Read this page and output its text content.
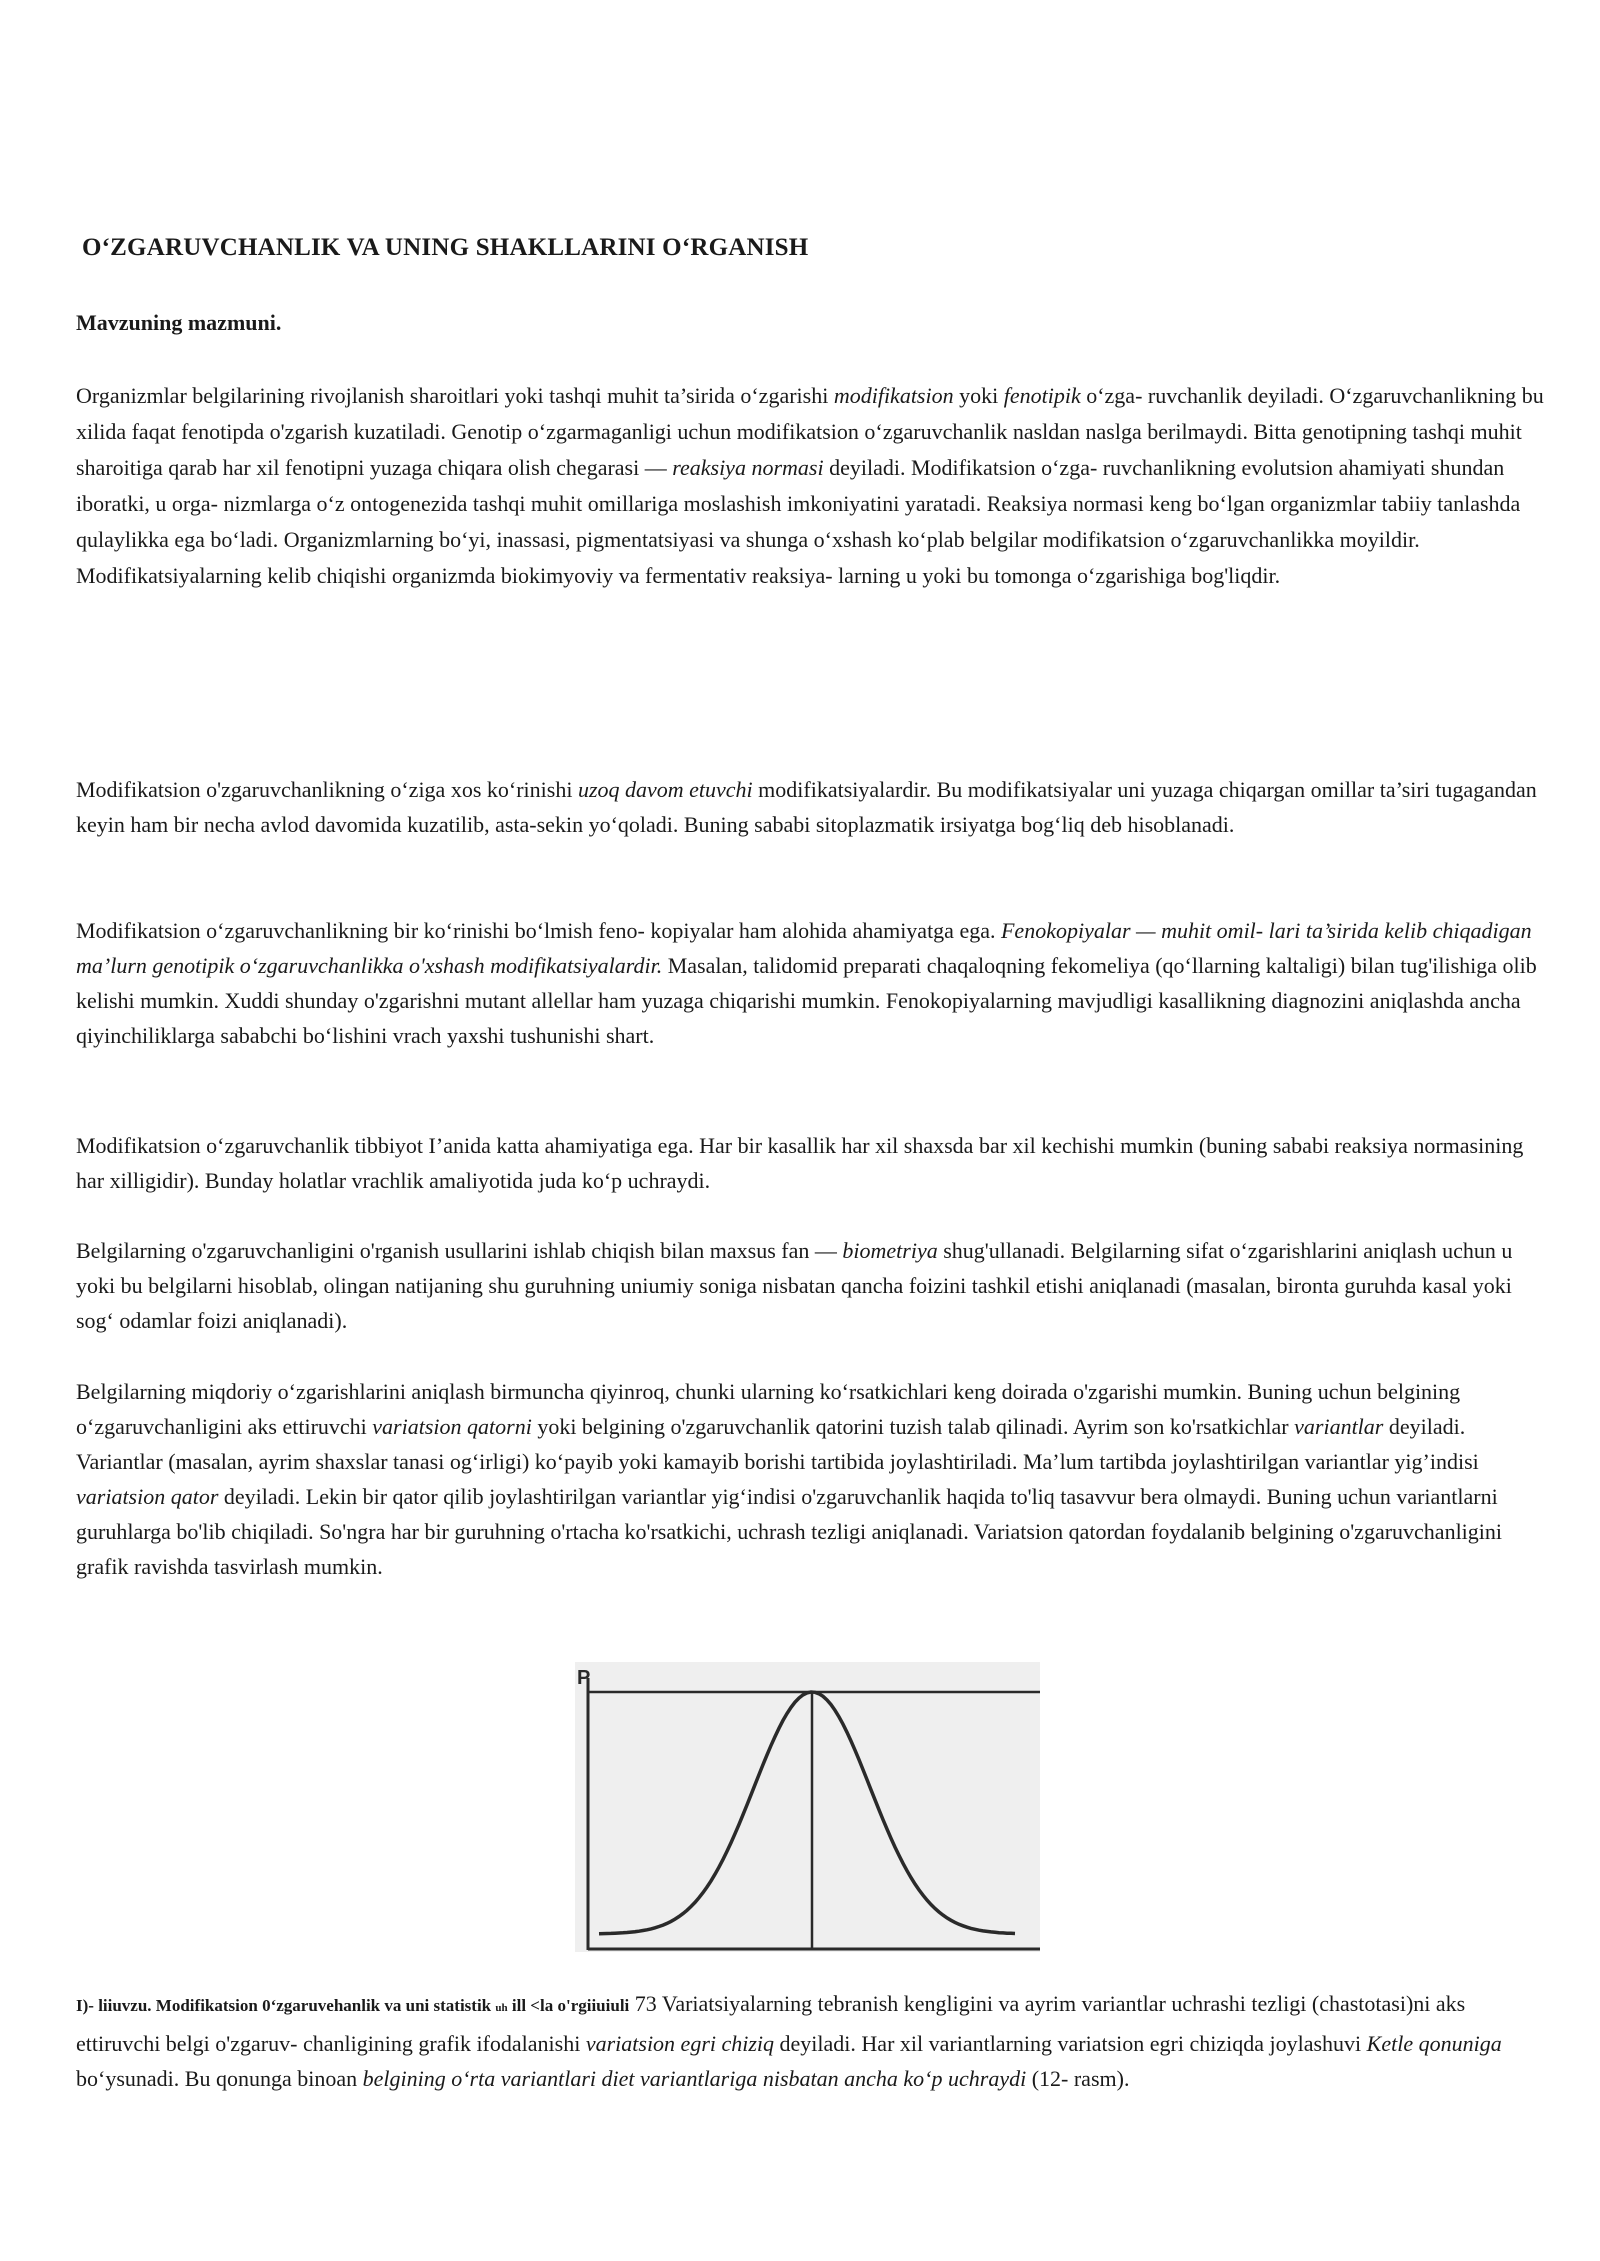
O‘ZGARUVCHANLIK VA UNING SHAKLLARINI O‘RGANISH
Mavzuning mazmuni.
Organizmlar belgilarining rivojlanish sharoitlari yoki tashqi muhit ta’sirida o‘zgarishi modifikatsion yoki fenotipik o‘zga- ruvchanlik deyiladi. O‘zgaruvchanlikning bu xilida faqat fenotipda o'zgarish kuzatiladi. Genotip o‘zgarmaganligi uchun modifikatsion o‘zgaruvchanlik nasldan naslga berilmaydi. Bitta genotipning tashqi muhit sharoitiga qarab har xil fenotipni yuzaga chiqara olish chegarasi — reaksiya normasi deyiladi. Modifikatsion o‘zga- ruvchanlikning evolutsion ahamiyati shundan iboratki, u orga- nizmlarga o‘z ontogenezida tashqi muhit omillariga moslashish imkoniyatini yaratadi. Reaksiya normasi keng bo‘lgan organizmlar tabiiy tanlashda qulaylikka ega bo‘ladi. Organizmlarning bo‘yi, inassasi, pigmentatsiyasi va shunga o‘xshash ko‘plab belgilar modifikatsion o‘zgaruvchanlikka moyildir. Modifikatsiyalarning kelib chiqishi organizmda biokimyoviy va fermentativ reaksiya- larning u yoki bu tomonga o‘zgarishiga bog'liqdir.
Modifikatsion o'zgaruvchanlikning o‘ziga xos ko‘rinishi uzoq davom etuvchi modifikatsiyalardir. Bu modifikatsiyalar uni yuzaga chiqargan omillar ta’siri tugagandan keyin ham bir necha avlod davomida kuzatilib, asta-sekin yo‘qoladi. Buning sababi sitoplazmatik irsiyatga bog‘liq deb hisoblanadi.
Modifikatsion o‘zgaruvchanlikning bir ko‘rinishi bo‘lmish feno- kopiyalar ham alohida ahamiyatga ega. Fenokopiyalar — muhit omil- lari ta’sirida kelib chiqadigan ma’lurn genotipik o‘zgaruvchanlikka o'xshash modifikatsiyalardir. Masalan, talidomid preparati chaqaloqning fekomeliya (qo‘llarning kaltaligi) bilan tug'ilishiga olib kelishi mumkin. Xuddi shunday o'zgarishni mutant allellar ham yuzaga chiqarishi mumkin. Fenokopiyalarning mavjudligi kasallikning diagnozini aniqlashda ancha qiyinchiliklarga sababchi bo‘lishini vrach yaxshi tushunishi shart.
Modifikatsion o‘zgaruvchanlik tibbiyot I’anida katta ahamiyatiga ega. Har bir kasallik har xil shaxsda bar xil kechishi mumkin (buning sababi reaksiya normasining har xilligidir). Bunday holatlar vrachlik amaliyotida juda ko‘p uchraydi.
Belgilarning o'zgaruvchanligini o'rganish usullarini ishlab chiqish bilan maxsus fan — biometriya shug'ullanadi. Belgilarning sifat o‘zgarishlarini aniqlash uchun u yoki bu belgilarni hisoblab, olingan natijaning shu guruhning uniumiy soniga nisbatan qancha foizini tashkil etishi aniqlanadi (masalan, bironta guruhda kasal yoki sog‘ odamlar foizi aniqlanadi).
Belgilarning miqdoriy o‘zgarishlarini aniqlash birmuncha qiyinroq, chunki ularning ko‘rsatkichlari keng doirada o'zgarishi mumkin. Buning uchun belgining o‘zgaruvchanligini aks ettiruvchi variatsion qatorni yoki belgining o'zgaruvchanlik qatorini tuzish talab qilinadi. Ayrim son ko'rsatkichlar variantlar deyiladi. Variantlar (masalan, ayrim shaxslar tanasi og‘irligi) ko‘payib yoki kamayib borishi tartibida joylashtiriladi. Ma’lum tartibda joylashtirilgan variantlar yig’indisi variatsion qator deyiladi. Lekin bir qator qilib joylashtirilgan variantlar yig‘indisi o'zgaruvchanlik haqida to'liq tasavvur bera olmaydi. Buning uchun variantlarni guruhlarga bo'lib chiqiladi. So'ngra har bir guruhning o'rtacha ko'rsatkichi, uchrash tezligi aniqlanadi. Variatsion qatordan foydalanib belgining o'zgaruvchanligini grafik ravishda tasvirlash mumkin.
P
I)- liiuvzu. Modifikatsion 0‘zgaruvehanlik va uni statistik uh ill <la o'rgiiuiuli 73 Variatsiyalarning tebranish kengligini va ayrim variantlar uchrashi tezligi (chastotasi)ni aks ettiruvchi belgi o'zgaruv- chanligining grafik ifodalanishi variatsion egri chiziq deyiladi. Har xil variantlarning variatsion egri chiziqda joylashuvi Ketle qonuniga bo‘ysunadi. Bu qonunga binoan belgining o‘rta variantlari diet variantlariga nisbatan ancha ko‘p uchraydi (12- rasm).
